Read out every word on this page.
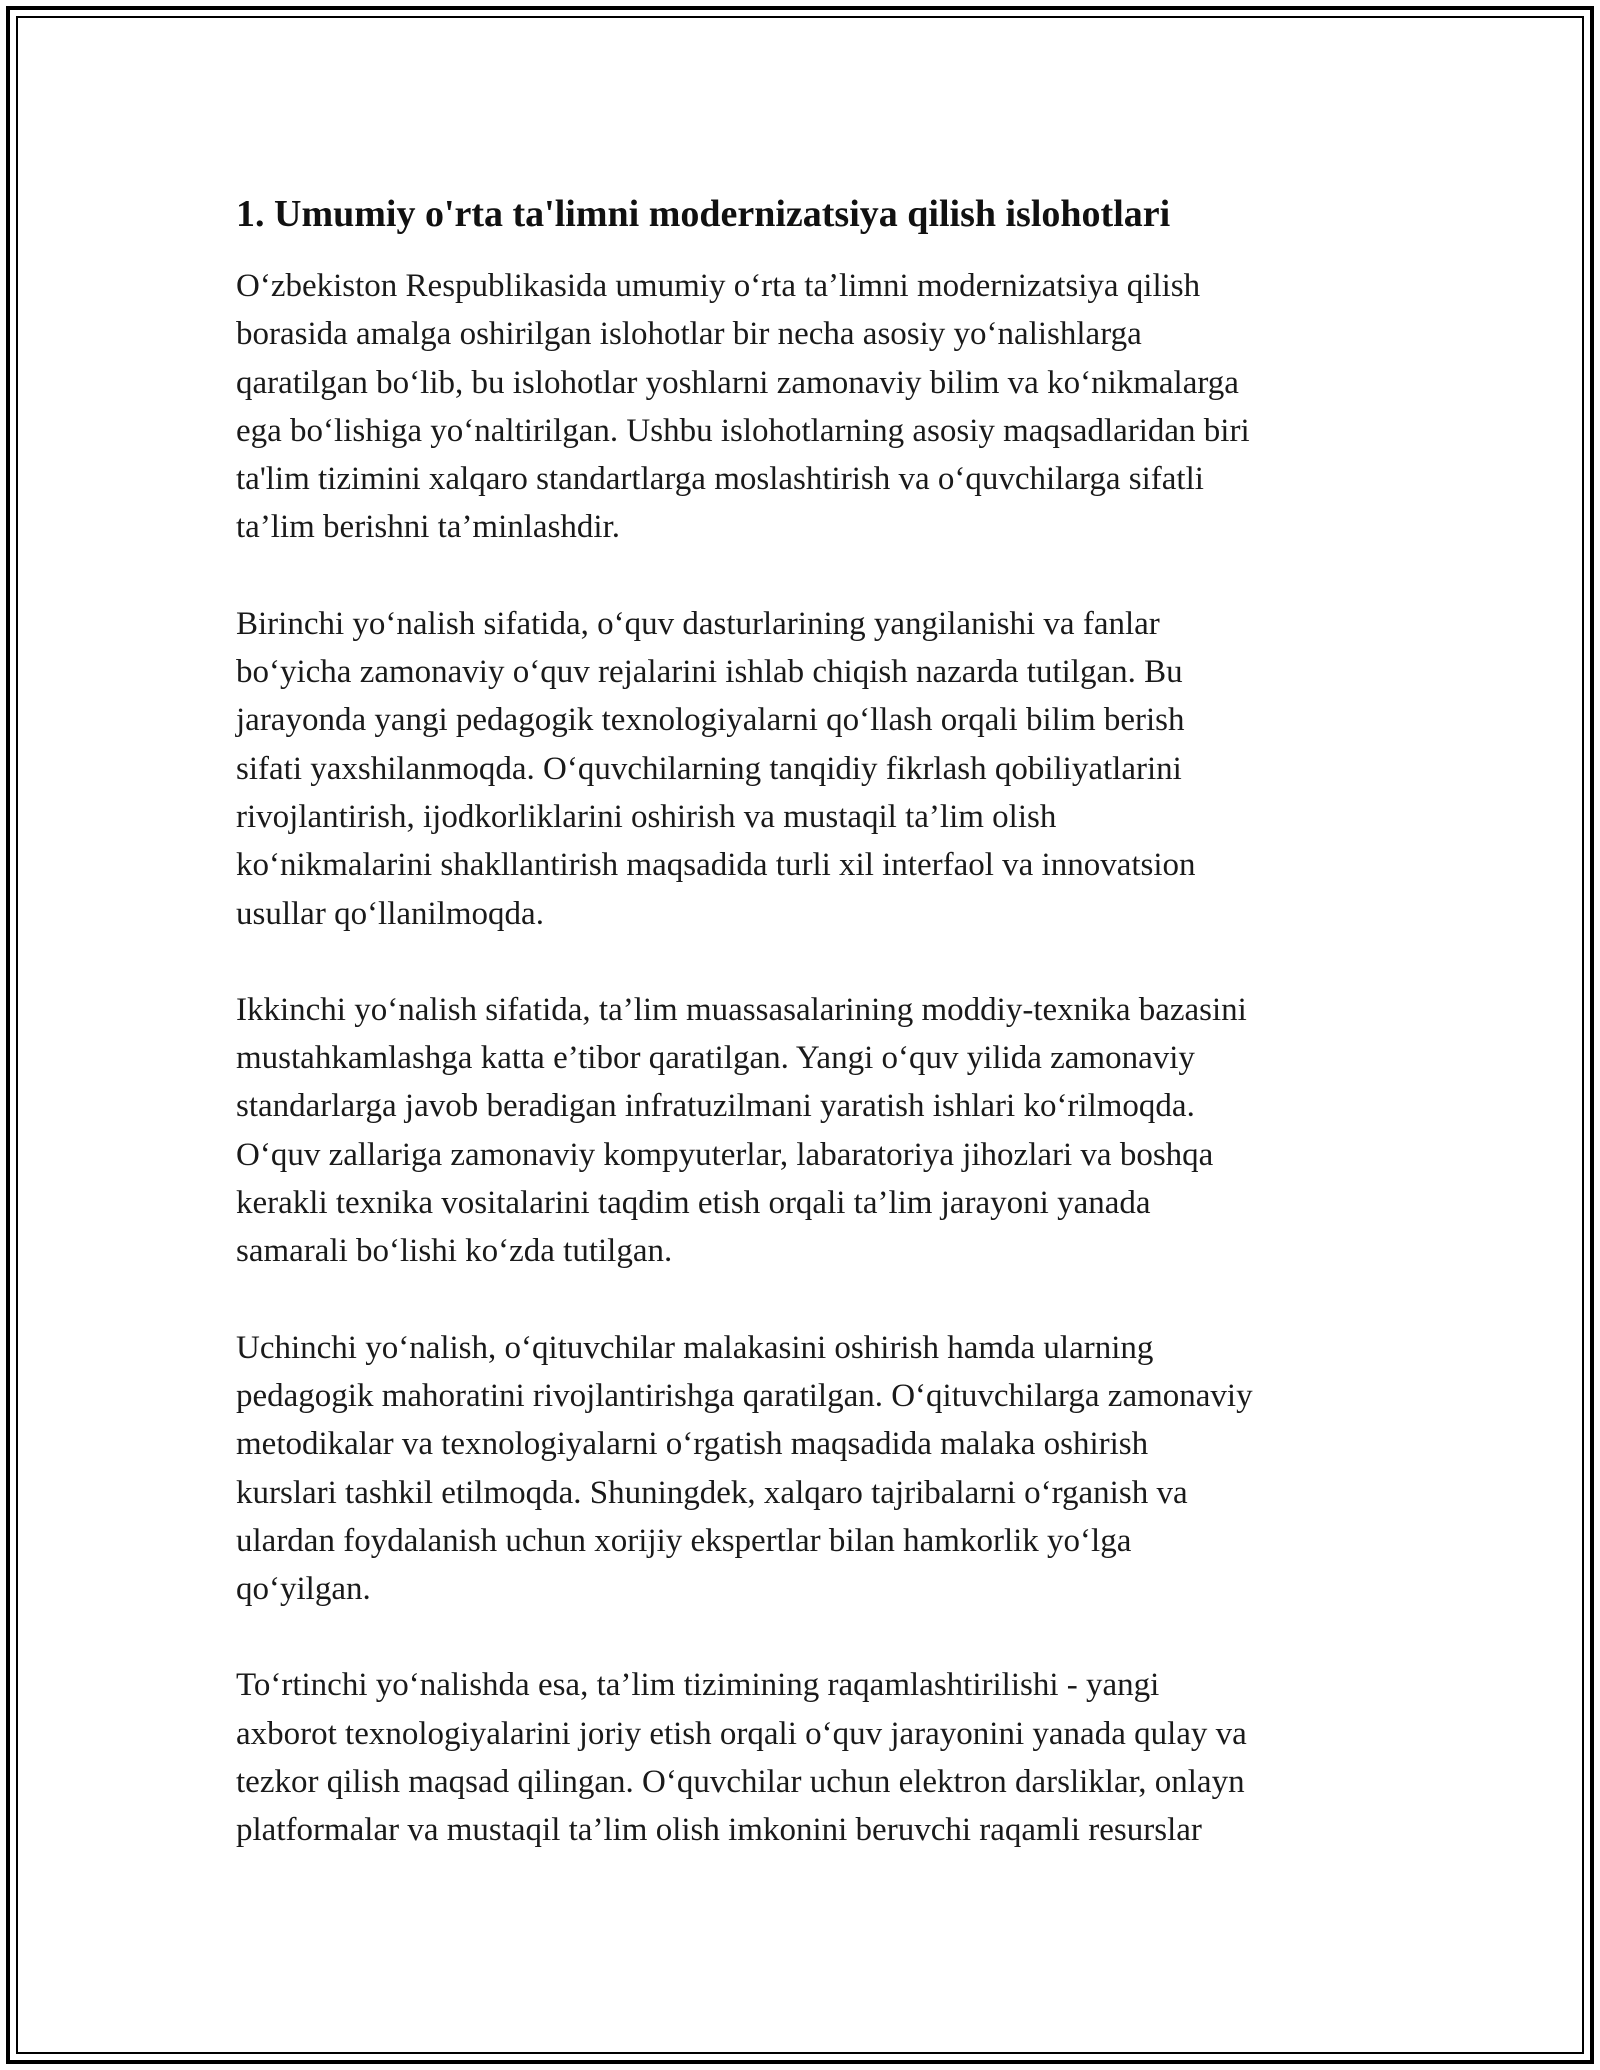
1. Umumiy o'rta ta'limni modernizatsiya qilish islohotlari

Oʻzbekiston Respublikasida umumiy oʻrta taʼlimni modernizatsiya qilish
borasida amalga oshirilgan islohotlar bir necha asosiy yoʻnalishlarga
qaratilgan boʻlib, bu islohotlar yoshlarni zamonaviy bilim va koʻnikmalarga
ega boʻlishiga yoʻnaltirilgan. Ushbu islohotlarning asosiy maqsadlaridan biri
ta'lim tizimini xalqaro standartlarga moslashtirish va oʻquvchilarga sifatli
ta’lim berishni ta’minlashdir.

Birinchi yoʻnalish sifatida, oʻquv dasturlarining yangilanishi va fanlar
boʻyicha zamonaviy oʻquv rejalarini ishlab chiqish nazarda tutilgan. Bu
jarayonda yangi pedagogik texnologiyalarni qoʻllash orqali bilim berish
sifati yaxshilanmoqda. Oʻquvchilarning tanqidiy fikrlash qobiliyatlarini
rivojlantirish, ijodkorliklarini oshirish va mustaqil ta’lim olish
koʻnikmalarini shakllantirish maqsadida turli xil interfaol va innovatsion
usullar qoʻllanilmoqda.

Ikkinchi yoʻnalish sifatida, ta’lim muassasalarining moddiy-texnika bazasini
mustahkamlashga katta e’tibor qaratilgan. Yangi oʻquv yilida zamonaviy
standarlarga javob beradigan infratuzilmani yaratish ishlari koʻrilmoqda.
Oʻquv zallariga zamonaviy kompyuterlar, labaratoriya jihozlari va boshqa
kerakli texnika vositalarini taqdim etish orqali ta’lim jarayoni yanada
samarali boʻlishi koʻzda tutilgan.

Uchinchi yoʻnalish, oʻqituvchilar malakasini oshirish hamda ularning
pedagogik mahoratini rivojlantirishga qaratilgan. Oʻqituvchilarga zamonaviy
metodikalar va texnologiyalarni oʻrgatish maqsadida malaka oshirish
kurslari tashkil etilmoqda. Shuningdek, xalqaro tajribalarni oʻrganish va
ulardan foydalanish uchun xorijiy ekspertlar bilan hamkorlik yoʻlga
qoʻyilgan.

Toʻrtinchi yoʻnalishda esa, ta’lim tizimining raqamlashtirilishi - yangi
axborot texnologiyalarini joriy etish orqali oʻquv jarayonini yanada qulay va
tezkor qilish maqsad qilingan. Oʻquvchilar uchun elektron darsliklar, onlayn
platformalar va mustaqil ta’lim olish imkonini beruvchi raqamli resurslar
